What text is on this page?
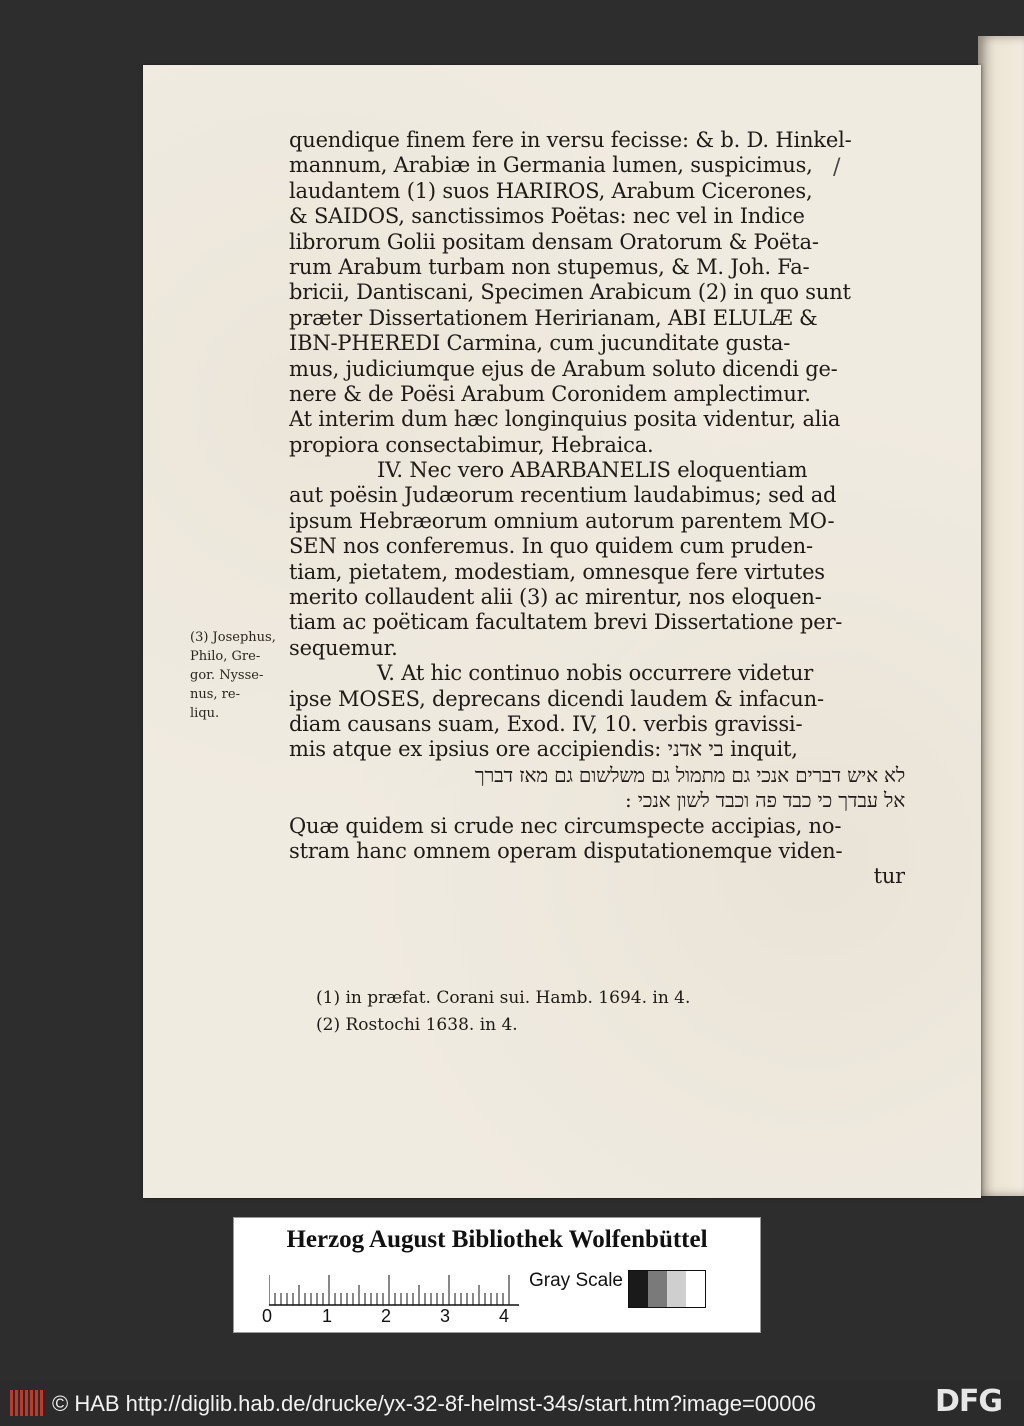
/
quendique finem fere in versu fecisse: & b. D. Hinkel-
mannum, Arabiæ in Germania lumen, suspicimus,
laudantem (1) suos HARIROS, Arabum Cicerones,
& SAIDOS, sanctissimos Poëtas: nec vel in Indice
librorum Golii positam densam Oratorum & Poëta-
rum Arabum turbam non stupemus, & M. Joh. Fa-
bricii, Dantiscani, Specimen Arabicum (2) in quo sunt
præter Dissertationem Heririanam, ABI ELULÆ &
IBN-PHEREDI Carmina, cum jucunditate gusta-
mus, judiciumque ejus de Arabum soluto dicendi ge-
nere & de Poësi Arabum Coronidem amplectimur.
At interim dum hæc longinquius posita videntur, alia
propiora consectabimur, Hebraica.
IV. Nec vero ABARBANELIS eloquentiam
aut poësin Judæorum recentium laudabimus; sed ad
ipsum Hebræorum omnium autorum parentem MO-
SEN nos conferemus. In quo quidem cum pruden-
tiam, pietatem, modestiam, omnesque fere virtutes
merito collaudent alii (3) ac mirentur, nos eloquen-
tiam ac poëticam facultatem brevi Dissertatione per-
sequemur.
V. At hic continuo nobis occurrere videtur
ipse MOSES, deprecans dicendi laudem & infacun-
diam causans suam, Exod. IV, 10. verbis gravissi-
mis atque ex ipsius ore accipiendis: בי אדני inquit,
לא איש דברים אנכי גם מתמול גם משלשום גם מאז דברך
אל עבדך כי כבד פה וכבד לשון אנכי :
Quæ quidem si crude nec circumspecte accipias, no-
stram hanc omnem operam disputationemque viden-
tur
(3) Josephus,
Philo, Gre-
gor. Nysse-
nus, re-
liqu.
(1) in præfat. Corani sui. Hamb. 1694. in 4.
(2) Rostochi 1638. in 4.
Herzog August Bibliothek Wolfenbüttel
0	1	2	3	4
Gray Scale
© HAB http://diglib.hab.de/drucke/yx-32-8f-helmst-34s/start.htm?image=00006	DFG
